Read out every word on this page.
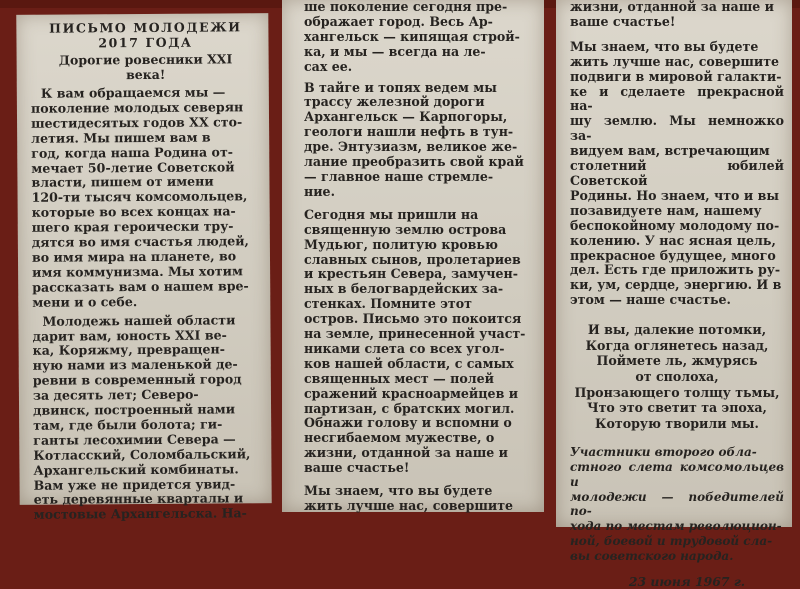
ПИСЬМО МОЛОДЕЖИ
2017 ГОДА
Дорогие ровесники XXI
века!
К вам обращаемся мы —
поколение молодых северян
шестидесятых годов XX сто-
летия. Мы пишем вам в
год, когда наша Родина от-
мечает 50-летие Советской
власти, пишем от имени
120-ти тысяч комсомольцев,
которые во всех концах на-
шего края героически тру-
дятся во имя счастья людей,
во имя мира на планете, во
имя коммунизма. Мы хотим
рассказать вам о нашем вре-
мени и о себе.
Молодежь нашей области
дарит вам, юность XXI ве-
ка, Коряжму, превращен-
ную нами из маленькой де-
ревни в современный город
за десять лет; Северо-
двинск, построенный нами
там, где были болота; ги-
ганты лесохимии Севера —
Котласский, Соломбальский,
Архангельский комбинаты.
Вам уже не придется увид-
еть деревянные кварталы и
мостовые Архангельска. На-
ше поколение сегодня пре-
ображает город. Весь Ар-
хангельск — кипящая строй-
ка, и мы — всегда на ле-
сах ее.
В тайге и топях ведем мы
трассу железной дороги
Архангельск — Карпогоры,
геологи нашли нефть в тун-
дре. Энтузиазм, великое же-
лание преобразить свой край
— главное наше стремле-
ние.
Сегодня мы пришли на
священную землю острова
Мудьюг, политую кровью
славных сынов, пролетариев
и крестьян Севера, замучен-
ных в белогвардейских за-
стенках. Помните этот
остров. Письмо это покоится
на земле, принесенной участ-
никами слета со всех угол-
ков нашей области, с самых
священных мест — полей
сражений красноармейцев и
партизан, с братских могил.
Обнажи голову и вспомни о
несгибаемом мужестве, о
жизни, отданной за наше и
ваше счастье!
Мы знаем, что вы будете
жить лучше нас, совершите
жизни, отданной за наше и
ваше счастье!
Мы знаем, что вы будете
жить лучше нас, совершите
подвиги в мировой галакти-
ке и сделаете прекрасной на-
шу землю. Мы немножко за-
видуем вам, встречающим
столетний юбилей Советской
Родины. Но знаем, что и вы
позавидуете нам, нашему
беспокойному молодому по-
колению. У нас ясная цель,
прекрасное будущее, много
дел. Есть где приложить ру-
ки, ум, сердце, энергию. И в
этом — наше счастье.
И вы, далекие потомки,
Когда оглянетесь назад,
Поймете ль, жмурясь
от сполоха,
Пронзающего толщу тьмы,
Что это светит та эпоха,
Которую творили мы.
Участники второго обла-
стного слета комсомольцев и
молодежи — победителей по-
хода по местам революцион-
ной, боевой и трудовой сла-
вы советского народа.
23 июня 1967 г.
